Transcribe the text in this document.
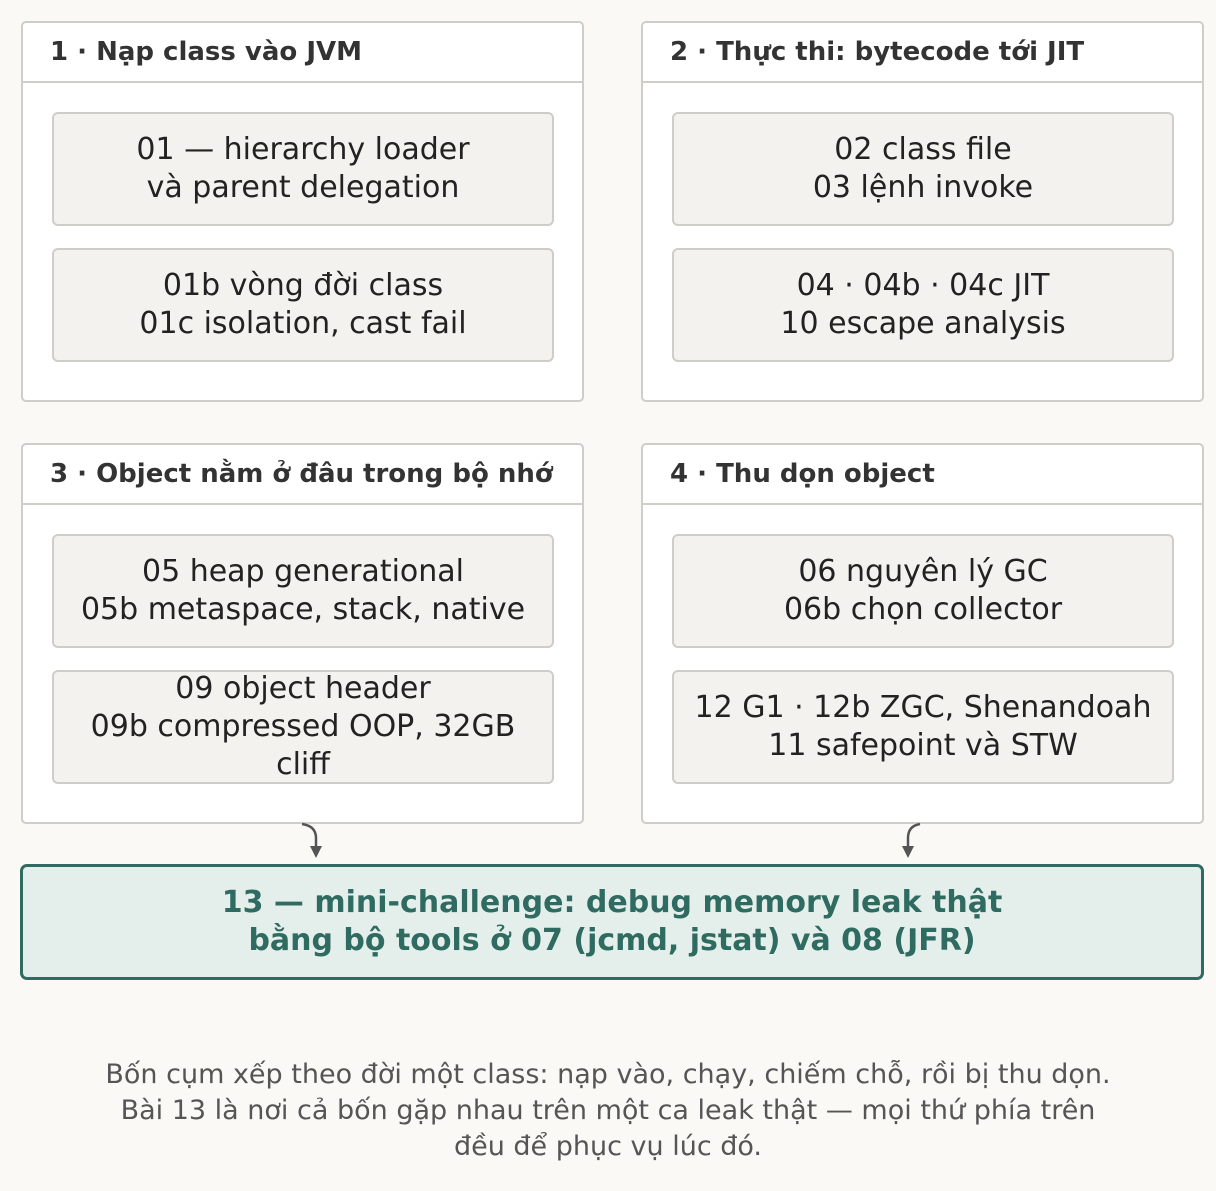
1 · Nạp class vào JVM
01 — hierarchy loader
và parent delegation
01b vòng đời class
01c isolation, cast fail
2 · Thực thi: bytecode tới JIT
02 class file
03 lệnh invoke
04 · 04b · 04c JIT
10 escape analysis
3 · Object nằm ở đâu trong bộ nhớ
05 heap generational
05b metaspace, stack, native
09 object header
09b compressed OOP, 32GB
cliff
4 · Thu dọn object
06 nguyên lý GC
06b chọn collector
12 G1 · 12b ZGC, Shenandoah
11 safepoint và STW
13 — mini-challenge: debug memory leak thật
bằng bộ tools ở 07 (jcmd, jstat) và 08 (JFR)
Bốn cụm xếp theo đời một class: nạp vào, chạy, chiếm chỗ, rồi bị thu dọn.
Bài 13 là nơi cả bốn gặp nhau trên một ca leak thật — mọi thứ phía trên
đều để phục vụ lúc đó.
